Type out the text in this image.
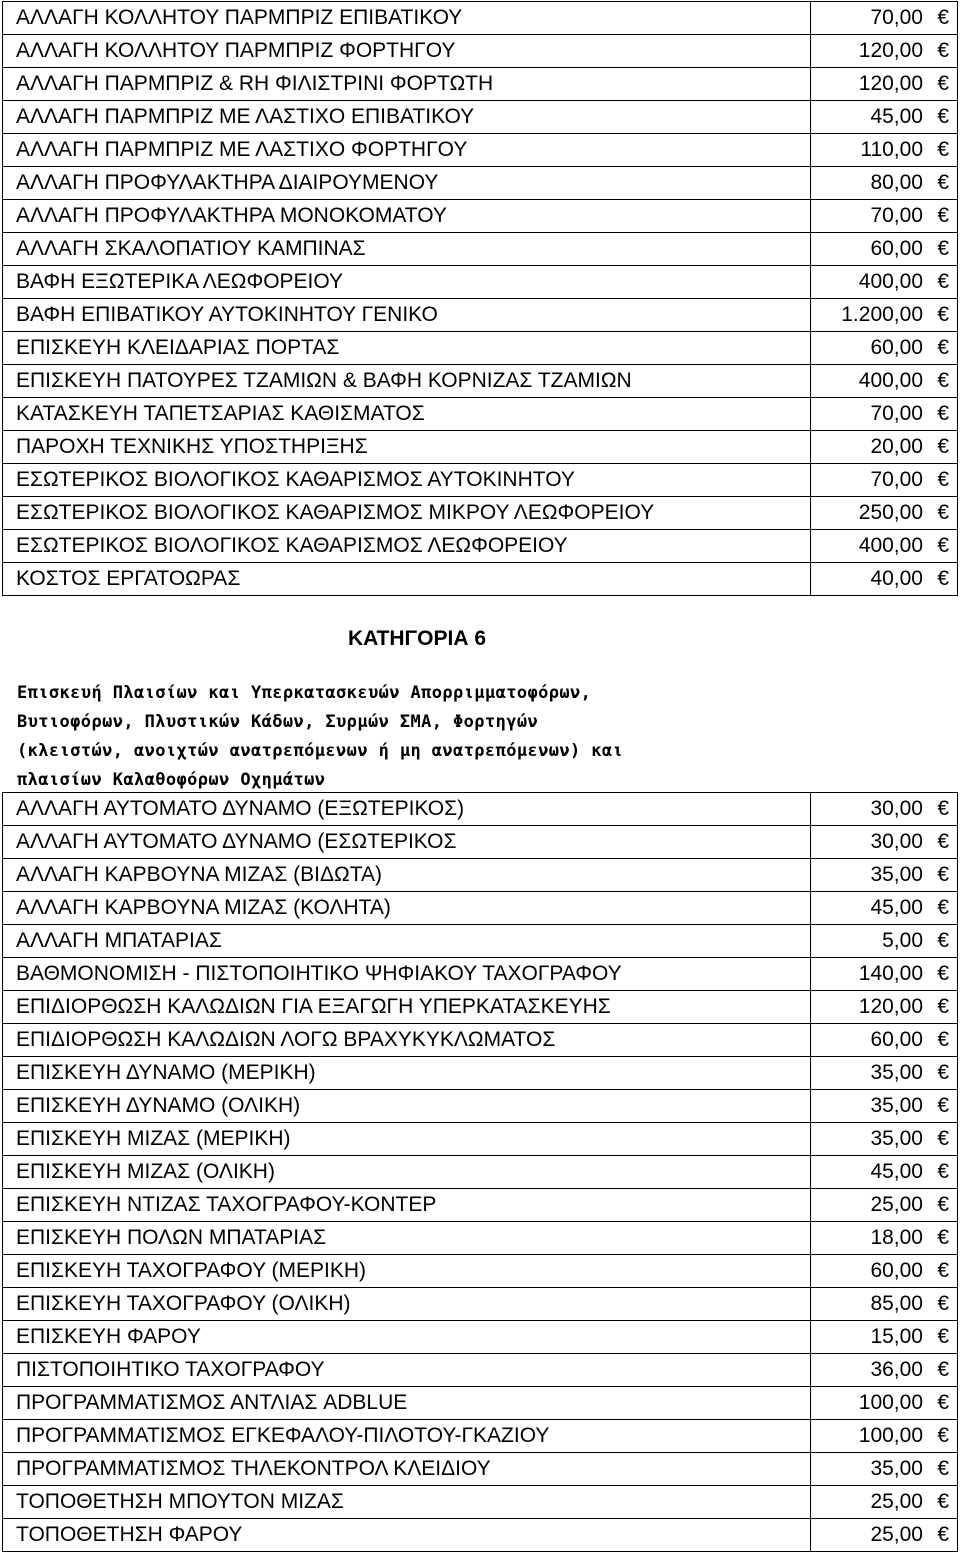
ΑΛΛΑΓΗ ΚΟΛΛΗΤΟΥ ΠΑΡΜΠΡΙΖ ΕΠΙΒΑΤΙΚΟΥ	70,00 €
ΑΛΛΑΓΗ ΚΟΛΛΗΤΟΥ ΠΑΡΜΠΡΙΖ ΦΟΡΤΗΓΟΥ	120,00 €
ΑΛΛΑΓΗ ΠΑΡΜΠΡΙΖ & RH ΦΙΛΙΣΤΡΙΝΙ ΦΟΡΤΩΤΗ	120,00 €
ΑΛΛΑΓΗ ΠΑΡΜΠΡΙΖ ΜΕ ΛΑΣΤΙΧΟ ΕΠΙΒΑΤΙΚΟΥ	45,00 €
ΑΛΛΑΓΗ ΠΑΡΜΠΡΙΖ ΜΕ ΛΑΣΤΙΧΟ ΦΟΡΤΗΓΟΥ	110,00 €
ΑΛΛΑΓΗ ΠΡΟΦΥΛΑΚΤΗΡΑ ΔΙΑΙΡΟΥΜΕΝΟΥ	80,00 €
ΑΛΛΑΓΗ ΠΡΟΦΥΛΑΚΤΗΡΑ ΜΟΝΟΚΟΜΑΤΟΥ	70,00 €
ΑΛΛΑΓΗ ΣΚΑΛΟΠΑΤΙΟΥ ΚΑΜΠΙΝΑΣ	60,00 €
ΒΑΦΗ ΕΞΩΤΕΡΙΚΑ ΛΕΩΦΟΡΕΙΟΥ	400,00 €
ΒΑΦΗ ΕΠΙΒΑΤΙΚΟΥ ΑΥΤΟΚΙΝΗΤΟΥ ΓΕΝΙΚΟ	1.200,00 €
ΕΠΙΣΚΕΥΗ ΚΛΕΙΔΑΡΙΑΣ ΠΟΡΤΑΣ	60,00 €
ΕΠΙΣΚΕΥΗ ΠΑΤΟΥΡΕΣ ΤΖΑΜΙΩΝ & ΒΑΦΗ ΚΟΡΝΙΖΑΣ ΤΖΑΜΙΩΝ	400,00 €
ΚΑΤΑΣΚΕΥΗ ΤΑΠΕΤΣΑΡΙΑΣ ΚΑΘΙΣΜΑΤΟΣ	70,00 €
ΠΑΡΟΧΗ ΤΕΧΝΙΚΗΣ ΥΠΟΣΤΗΡΙΞΗΣ	20,00 €
ΕΣΩΤΕΡΙΚΟΣ ΒΙΟΛΟΓΙΚΟΣ ΚΑΘΑΡΙΣΜΟΣ ΑΥΤΟΚΙΝΗΤΟΥ	70,00 €
ΕΣΩΤΕΡΙΚΟΣ ΒΙΟΛΟΓΙΚΟΣ ΚΑΘΑΡΙΣΜΟΣ ΜΙΚΡΟΥ ΛΕΩΦΟΡΕΙΟΥ	250,00 €
ΕΣΩΤΕΡΙΚΟΣ ΒΙΟΛΟΓΙΚΟΣ ΚΑΘΑΡΙΣΜΟΣ ΛΕΩΦΟΡΕΙΟΥ	400,00 €
ΚΟΣΤΟΣ ΕΡΓΑΤΟΩΡΑΣ	40,00 €
ΚΑΤΗΓΟΡΙΑ 6
Επισκευή Πλαισίων και Υπερκατασκευών Απορριμματοφόρων,
Βυτιοφόρων, Πλυστικών Κάδων, Συρμών ΣΜΑ, Φορτηγών
(κλειστών, ανοιχτών ανατρεπόμενων ή μη ανατρεπόμενων) και
πλαισίων Καλαθοφόρων Οχημάτων
ΑΛΛΑΓΗ ΑΥΤΟΜΑΤΟ ΔΥΝΑΜΟ (ΕΞΩΤΕΡΙΚΟΣ)	30,00 €
ΑΛΛΑΓΗ ΑΥΤΟΜΑΤΟ ΔΥΝΑΜΟ (ΕΣΩΤΕΡΙΚΟΣ	30,00 €
ΑΛΛΑΓΗ ΚΑΡΒΟΥΝΑ ΜΙΖΑΣ (ΒΙΔΩΤΑ)	35,00 €
ΑΛΛΑΓΗ ΚΑΡΒΟΥΝΑ ΜΙΖΑΣ (ΚΟΛΗΤΑ)	45,00 €
ΑΛΛΑΓΗ ΜΠΑΤΑΡΙΑΣ	5,00 €
ΒΑΘΜΟΝΟΜΙΣΗ - ΠΙΣΤΟΠΟΙΗΤΙΚΟ ΨΗΦΙΑΚΟΥ ΤΑΧΟΓΡΑΦΟΥ	140,00 €
ΕΠΙΔΙΟΡΘΩΣΗ ΚΑΛΩΔΙΩΝ ΓΙΑ ΕΞΑΓΩΓΗ ΥΠΕΡΚΑΤΑΣΚΕΥΗΣ	120,00 €
ΕΠΙΔΙΟΡΘΩΣΗ ΚΑΛΩΔΙΩΝ ΛΟΓΩ ΒΡΑΧΥΚΥΚΛΩΜΑΤΟΣ	60,00 €
ΕΠΙΣΚΕΥΗ ΔΥΝΑΜΟ (ΜΕΡΙΚΗ)	35,00 €
ΕΠΙΣΚΕΥΗ ΔΥΝΑΜΟ (ΟΛΙΚΗ)	35,00 €
ΕΠΙΣΚΕΥΗ ΜΙΖΑΣ (ΜΕΡΙΚΗ)	35,00 €
ΕΠΙΣΚΕΥΗ ΜΙΖΑΣ (ΟΛΙΚΗ)	45,00 €
ΕΠΙΣΚΕΥΗ ΝΤΙΖΑΣ ΤΑΧΟΓΡΑΦΟΥ-ΚΟΝΤΕΡ	25,00 €
ΕΠΙΣΚΕΥΗ ΠΟΛΩΝ ΜΠΑΤΑΡΙΑΣ	18,00 €
ΕΠΙΣΚΕΥΗ ΤΑΧΟΓΡΑΦΟΥ (ΜΕΡΙΚΗ)	60,00 €
ΕΠΙΣΚΕΥΗ ΤΑΧΟΓΡΑΦΟΥ (ΟΛΙΚΗ)	85,00 €
ΕΠΙΣΚΕΥΗ ΦΑΡΟΥ	15,00 €
ΠΙΣΤΟΠΟΙΗΤΙΚΟ ΤΑΧΟΓΡΑΦΟΥ	36,00 €
ΠΡΟΓΡΑΜΜΑΤΙΣΜΟΣ ΑΝΤΛΙΑΣ ADBLUE	100,00 €
ΠΡΟΓΡΑΜΜΑΤΙΣΜΟΣ ΕΓΚΕΦΑΛΟΥ-ΠΙΛΟΤΟΥ-ΓΚΑΖΙΟΥ	100,00 €
ΠΡΟΓΡΑΜΜΑΤΙΣΜΟΣ ΤΗΛΕΚΟΝΤΡΟΛ ΚΛΕΙΔΙΟΥ	35,00 €
ΤΟΠΟΘΕΤΗΣΗ ΜΠΟΥΤΟΝ ΜΙΖΑΣ	25,00 €
ΤΟΠΟΘΕΤΗΣΗ ΦΑΡΟΥ	25,00 €
